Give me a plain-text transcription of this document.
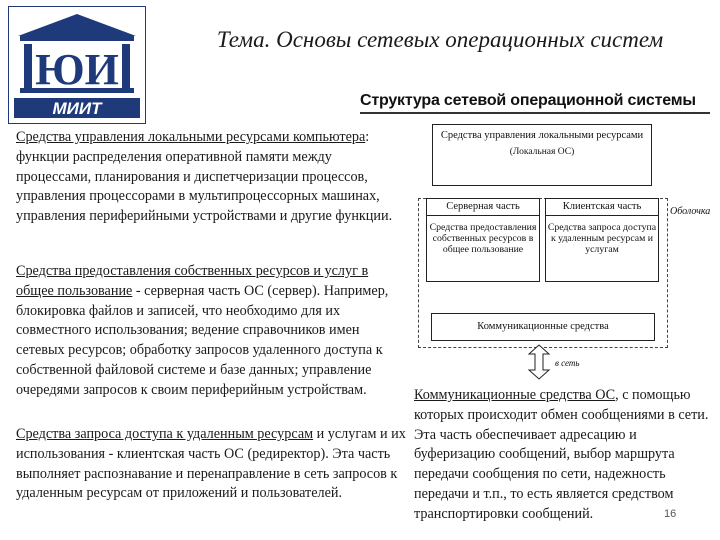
ЮИ
МИИТ
Тема. Основы сетевых операционных систем
Структура сетевой операционной системы
Средства управления локальными ресурсами компьютера: функции распределения оперативной памяти между процессами, планирования и диспетчеризации процессов, управления процессорами в мультипроцессорных машинах, управления периферийными устройствами и другие функции.
Средства предоставления собственных ресурсов и услуг в общее пользование - серверная часть ОС (сервер). Например, блокировка файлов и записей, что необходимо для их совместного использования; ведение справочников имен сетевых ресурсов; обработку запросов удаленного доступа к собственной файловой системе и базе данных; управление очередями запросов к своим периферийным устройствам.
Средства запроса доступа к удаленным ресурсам и услугам и их использования - клиентская часть ОС (редиректор). Эта часть выполняет распознавание и перенаправление в сеть запросов к удаленным ресурсам от приложений и пользователей.
Средства управления локальными ресурсами
(Локальная ОС)
Серверная часть
Средства предоставления собственных ресурсов в общее пользование
Клиентская часть
Средства запроса доступа к удаленным ресурсам и услугам
Коммуникационные средства
Оболочка
в сеть
Коммуникационные средства ОС, с помощью которых происходит обмен сообщениями в сети. Эта часть обеспечивает адресацию и буферизацию сообщений, выбор маршрута передачи сообщения по сети, надежность передачи и т.п., то есть является средством транспортировки сообщений.	16
